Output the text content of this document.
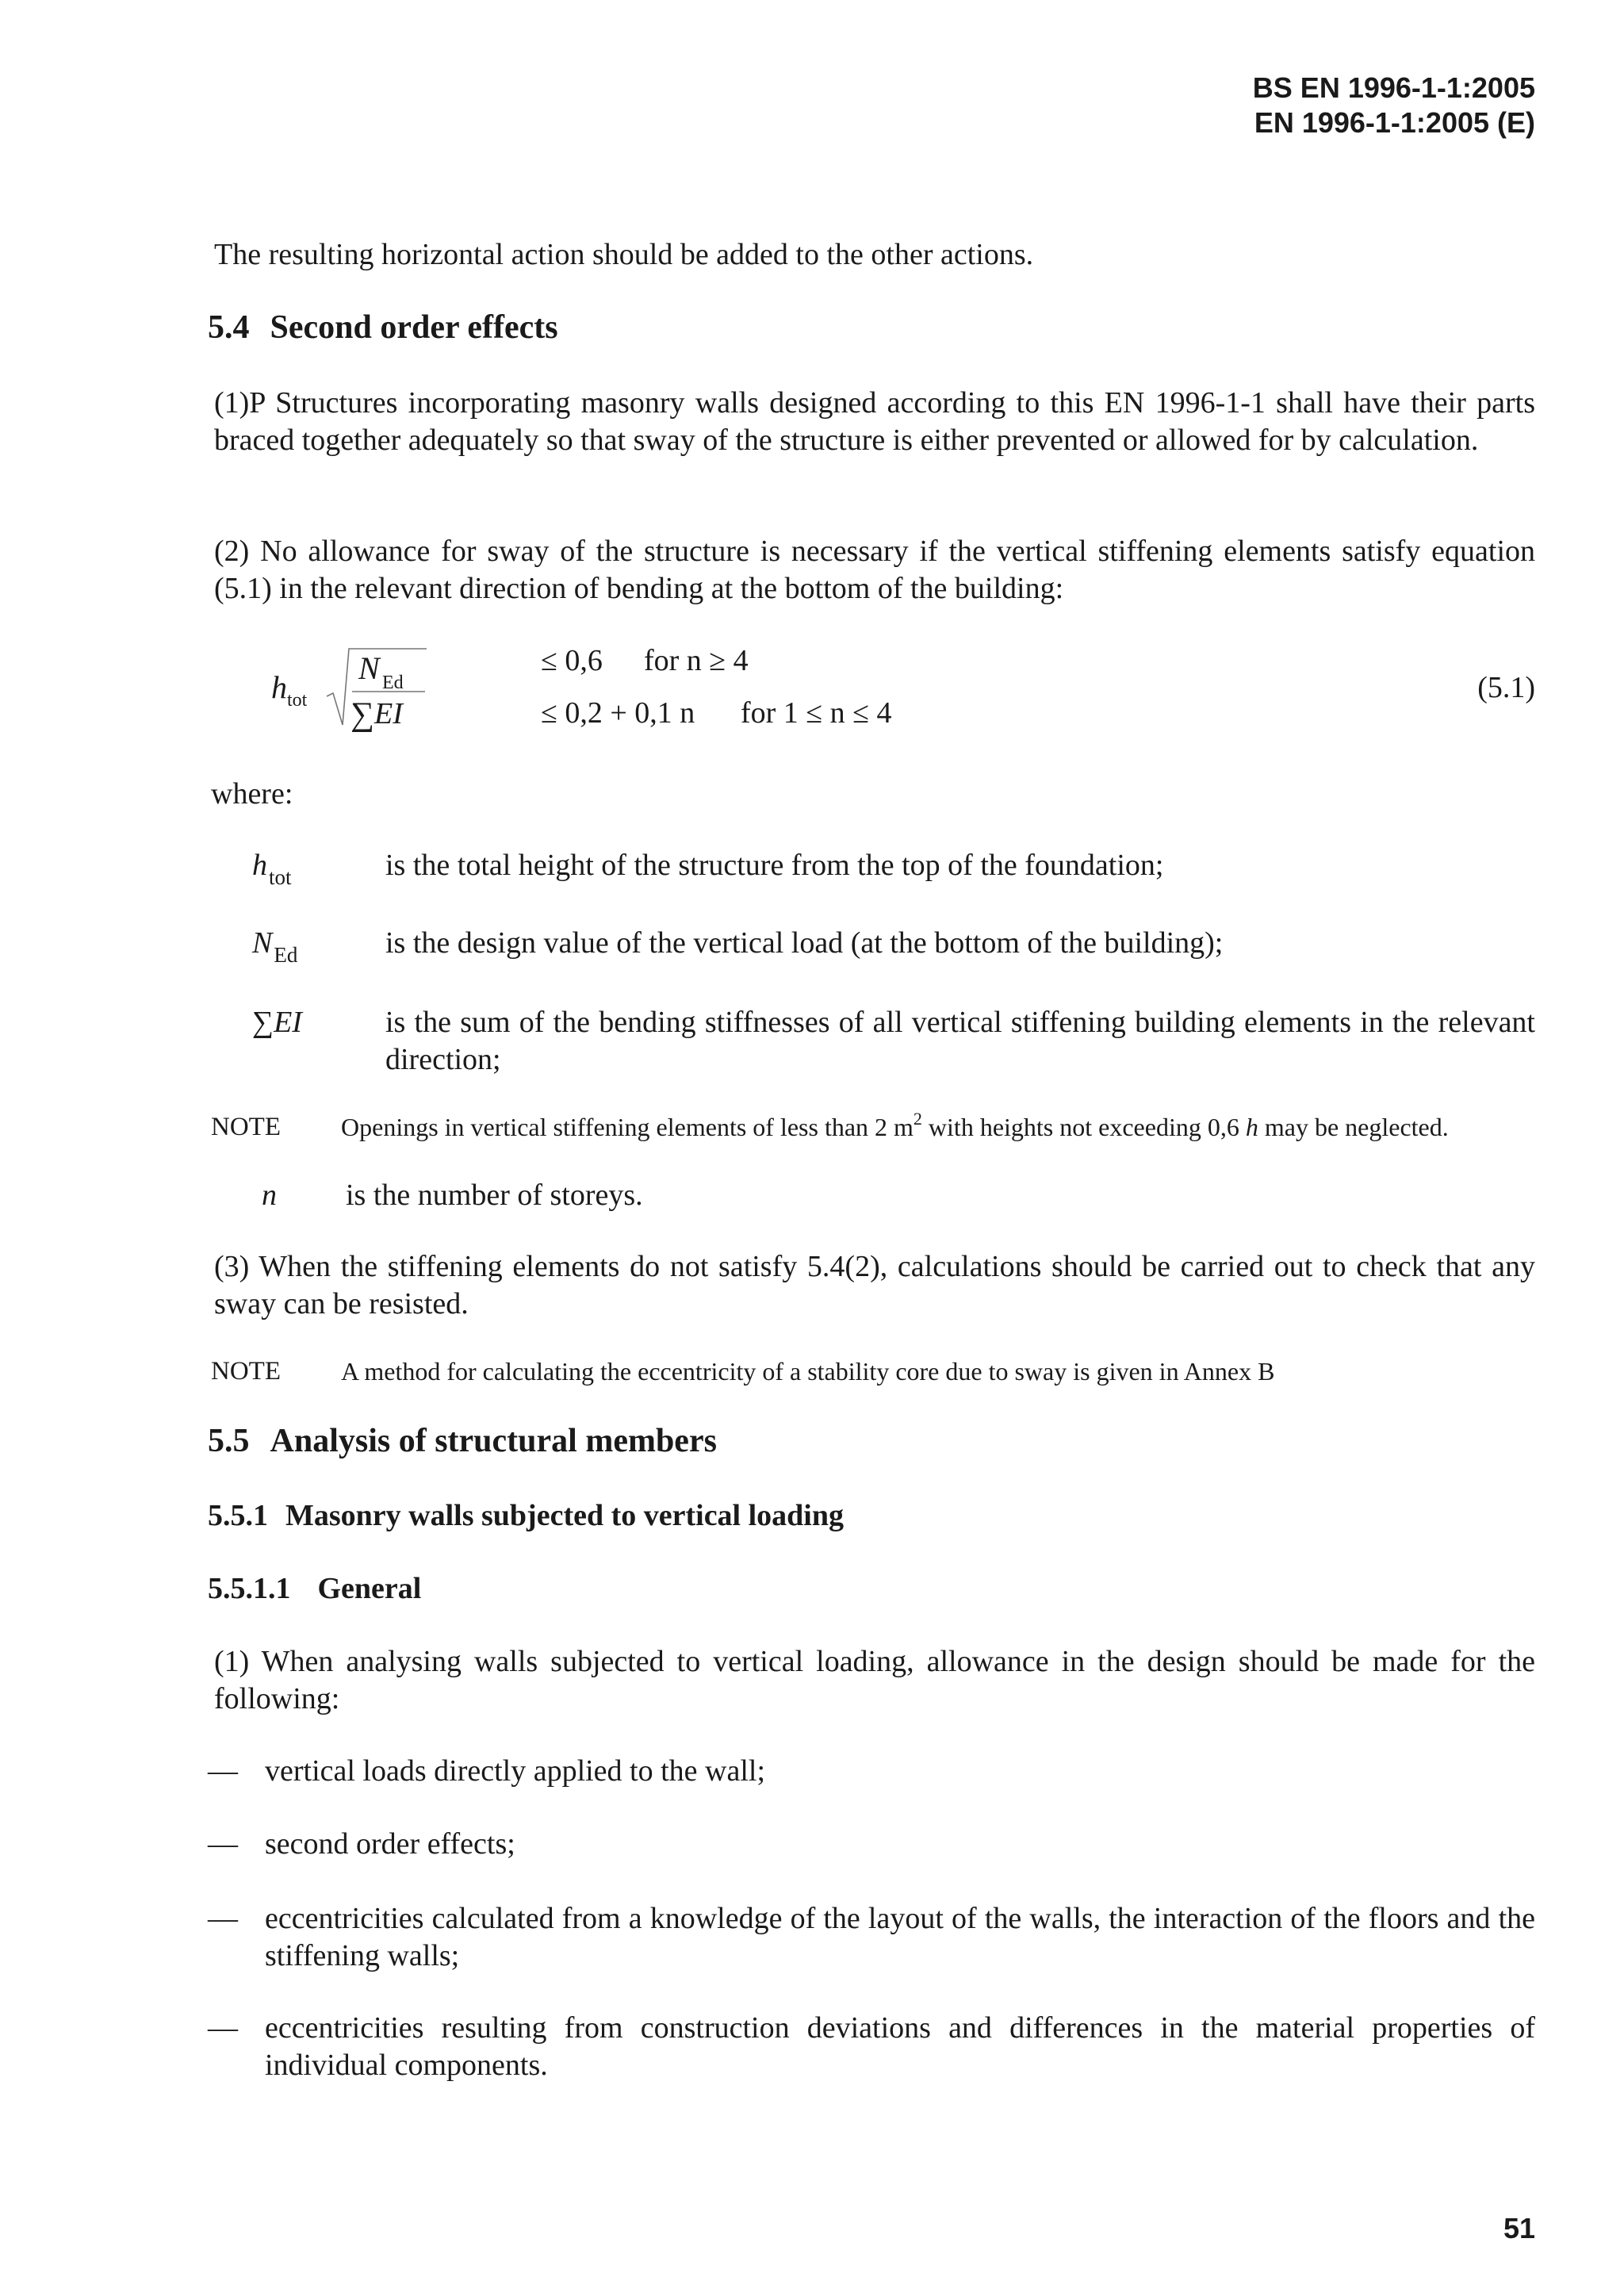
BS EN 1996-1-1:2005
EN 1996-1-1:2005 (E)
The resulting horizontal action should be added to the other actions.
5.4 Second order effects
(1)P Structures incorporating masonry walls designed according to this EN 1996-1-1 shall have their parts braced together adequately so that sway of the structure is either prevented or allowed for by calculation.
(2) No allowance for sway of the structure is necessary if the vertical stiffening elements satisfy equation (5.1) in the relevant direction of bending at the bottom of the building:
h tot
N Ed
∑ EI
≤ 0,6 for n ≥ 4
≤ 0,2 + 0,1 n for 1 ≤ n ≤ 4
(5.1)
where:
$h_{tot}$	is the total height of the structure from the top of the foundation;
$N_{Ed}$	is the design value of the vertical load (at the bottom of the building);
∑EI	is the sum of the bending stiffnesses of all vertical stiffening building elements in the relevant direction;
NOTE Openings in vertical stiffening elements of less than 2 $m^2$ with heights not exceeding 0,6 h may be neglected.
n is the number of storeys.
(3) When the stiffening elements do not satisfy 5.4(2), calculations should be carried out to check that any sway can be resisted.
NOTE A method for calculating the eccentricity of a stability core due to sway is given in Annex B
5.5 Analysis of structural members
5.5.1 Masonry walls subjected to vertical loading
5.5.1.1 General
(1) When analysing walls subjected to vertical loading, allowance in the design should be made for the following:
— vertical loads directly applied to the wall;
— second order effects;
— eccentricities calculated from a knowledge of the layout of the walls, the interaction of the floors and the stiffening walls;
— eccentricities resulting from construction deviations and differences in the material properties of individual components.
51
